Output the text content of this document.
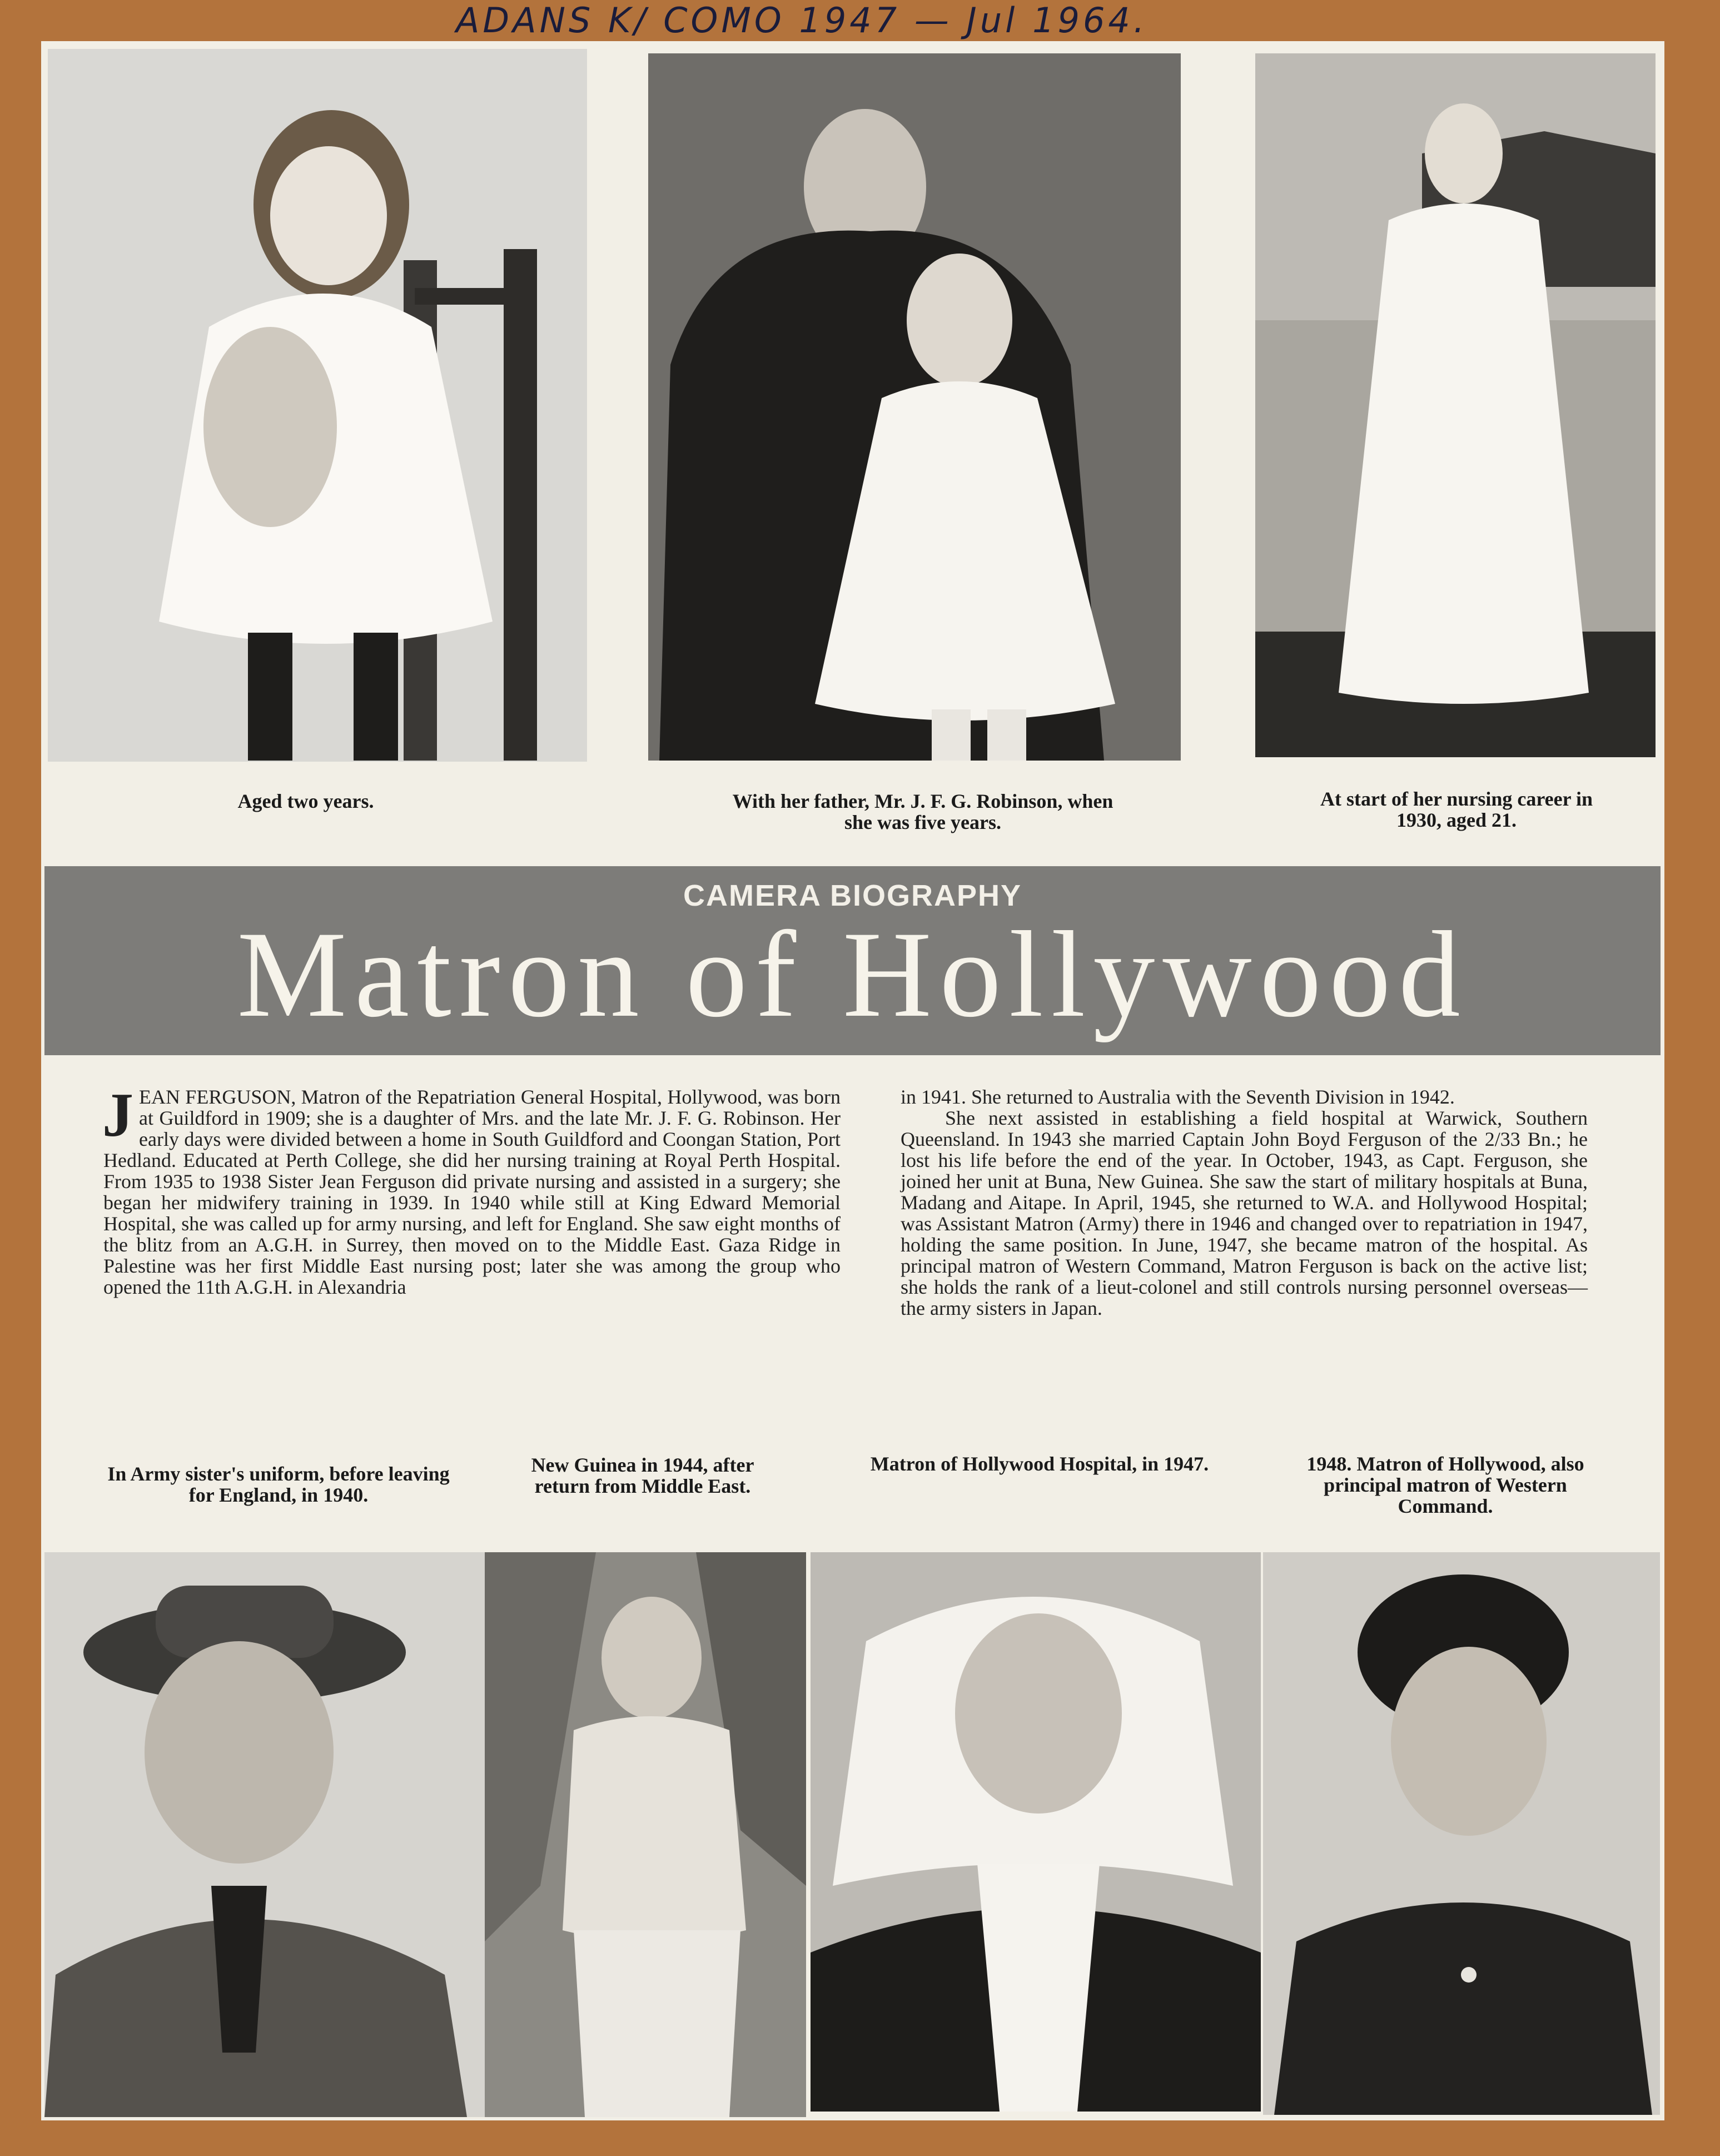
ADANS K/ COMO 1947 — Jul 1964.
Aged two years.	With her father, Mr. J. F. G. Robinson, when she was five years.
At start of her nursing career in 1930, aged 21.
CAMERA BIOGRAPHY
Matron of Hollywood

JEAN FERGUSON, Matron of the Repatriation General Hospital, Hollywood, was born at Guildford in 1909; she is a daughter of Mrs. and the late Mr. J. F. G. Robinson. Her early days were divided between a home in South Guildford and Coongan Station, Port Hedland. Educated at Perth College, she did her nursing training at Royal Perth Hospital. From 1935 to 1938 Sister Jean Ferguson did private nursing and assisted in a surgery; she began her midwifery training in 1939. In 1940 while still at King Edward Memorial Hospital, she was called up for army nursing, and left for England. She saw eight months of the blitz from an A.G.H. in Surrey, then moved on to the Middle East. Gaza Ridge in Palestine was her first Middle East nursing post; later she was among the group who opened the 11th A.G.H. in Alexandria

in 1941. She returned to Australia with the Seventh Division in 1942.

She next assisted in establishing a field hospital at Warwick, Southern Queensland. In 1943 she married Captain John Boyd Ferguson of the 2/33 Bn.; he lost his life before the end of the year. In October, 1943, as Capt. Ferguson, she joined her unit at Buna, New Guinea. She saw the start of military hospitals at Buna, Madang and Aitape. In April, 1945, she returned to W.A. and Hollywood Hospital; was Assistant Matron (Army) there in 1946 and changed over to repatriation in 1947, holding the same position. In June, 1947, she became matron of the hospital. As principal matron of Western Command, Matron Ferguson is back on the active list; she holds the rank of a lieut-colonel and still controls nursing personnel overseas—the army sisters in Japan.

In Army sister's uniform, before leaving for England, in 1940.
New Guinea in 1944, after return from Middle East.
Matron of Hollywood Hospital, in 1947.	1948. Matron of Hollywood, also principal matron of Western Command.
